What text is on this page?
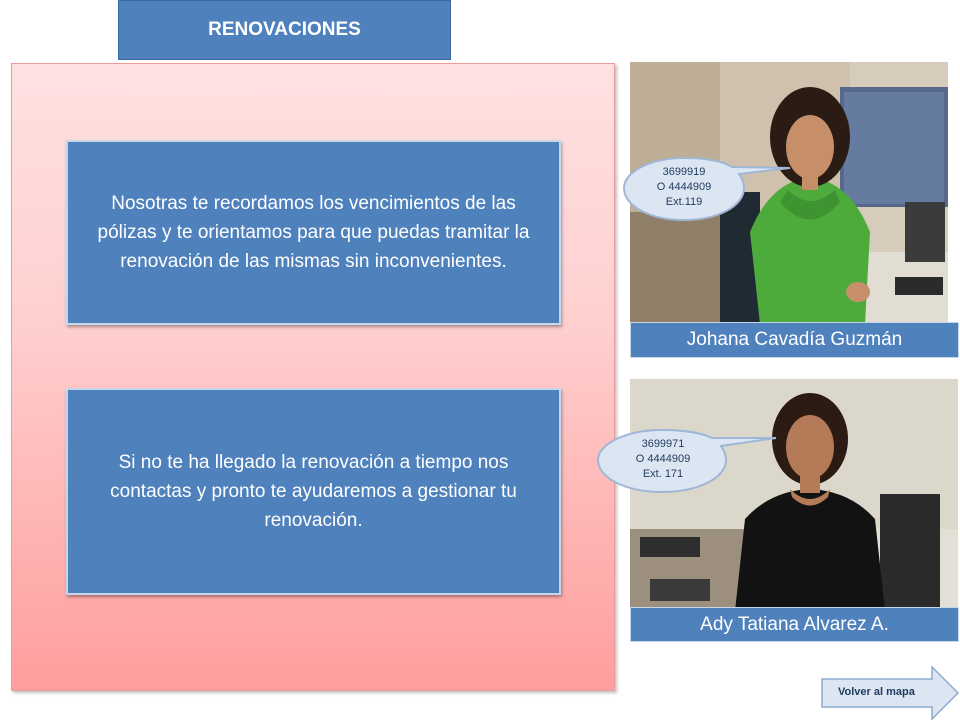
RENOVACIONES
Nosotras te recordamos los vencimientos de las pólizas y te orientamos para que puedas tramitar la renovación de las mismas sin inconvenientes.
Si no te ha llegado la renovación a tiempo nos contactas y pronto te ayudaremos a gestionar tu renovación.
Johana Cavadía Guzmán
Ady Tatiana Alvarez A.
3699919
O 4444909
Ext.119
3699971
O 4444909
Ext. 171
Volver al mapa
